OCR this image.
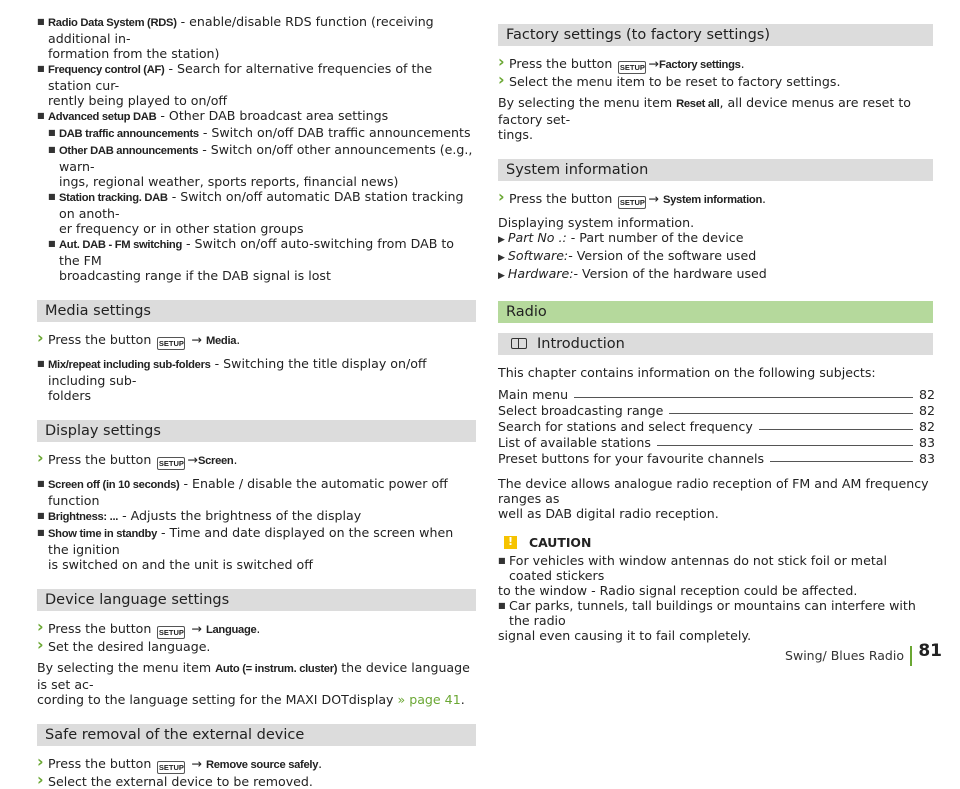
■ Radio Data System (RDS) - enable/disable RDS function (receiving additional in-
formation from the station)
■ Frequency control (AF) - Search for alternative frequencies of the station cur-
rently being played to on/off
■ Advanced setup DAB - Other DAB broadcast area settings
■ DAB traffic announcements - Switch on/off DAB traffic announcements
■ Other DAB announcements - Switch on/off other announcements (e.g., warn-
ings, regional weather, sports reports, financial news)
■ Station tracking. DAB - Switch on/off automatic DAB station tracking on anoth-
er frequency or in other station groups
■ Aut. DAB - FM switching - Switch on/off auto-switching from DAB to the FM
broadcasting range if the DAB signal is lost
Media settings
› Press the button SETUP → Media.
■ Mix/repeat including sub-folders - Switching the title display on/off including sub-
folders
Display settings
› Press the button SETUP →Screen.
■ Screen off (in 10 seconds) - Enable / disable the automatic power off function
■ Brightness: ... - Adjusts the brightness of the display
■ Show time in standby - Time and date displayed on the screen when the ignition
is switched on and the unit is switched off
Device language settings
› Press the button SETUP → Language.
› Set the desired language.
By selecting the menu item Auto (= instrum. cluster) the device language is set ac-
cording to the language setting for the MAXI DOTdisplay » page 41.
Safe removal of the external device
› Press the button SETUP → Remove source safely.
› Select the external device to be removed.
Factory settings (to factory settings)
› Press the button SETUP →Factory settings.
› Select the menu item to be reset to factory settings.
By selecting the menu item Reset all, all device menus are reset to factory set-
tings.
System information
› Press the button SETUP → System information.
Displaying system information.
▶ Part No .: - Part number of the device
▶ Software:- Version of the software used
▶ Hardware:- Version of the hardware used
Radio
Introduction
This chapter contains information on the following subjects:
Main menu	82
Select broadcasting range	82
Search for stations and select frequency	82
List of available stations	83
Preset buttons for your favourite channels	83
The device allows analogue radio reception of FM and AM frequency ranges as
well as DAB digital radio reception.
!
CAUTION
■ For vehicles with window antennas do not stick foil or metal coated stickers
to the window - Radio signal reception could be affected.
■ Car parks, tunnels, tall buildings or mountains can interfere with the radio
signal even causing it to fail completely.
Swing/ Blues Radio 81
